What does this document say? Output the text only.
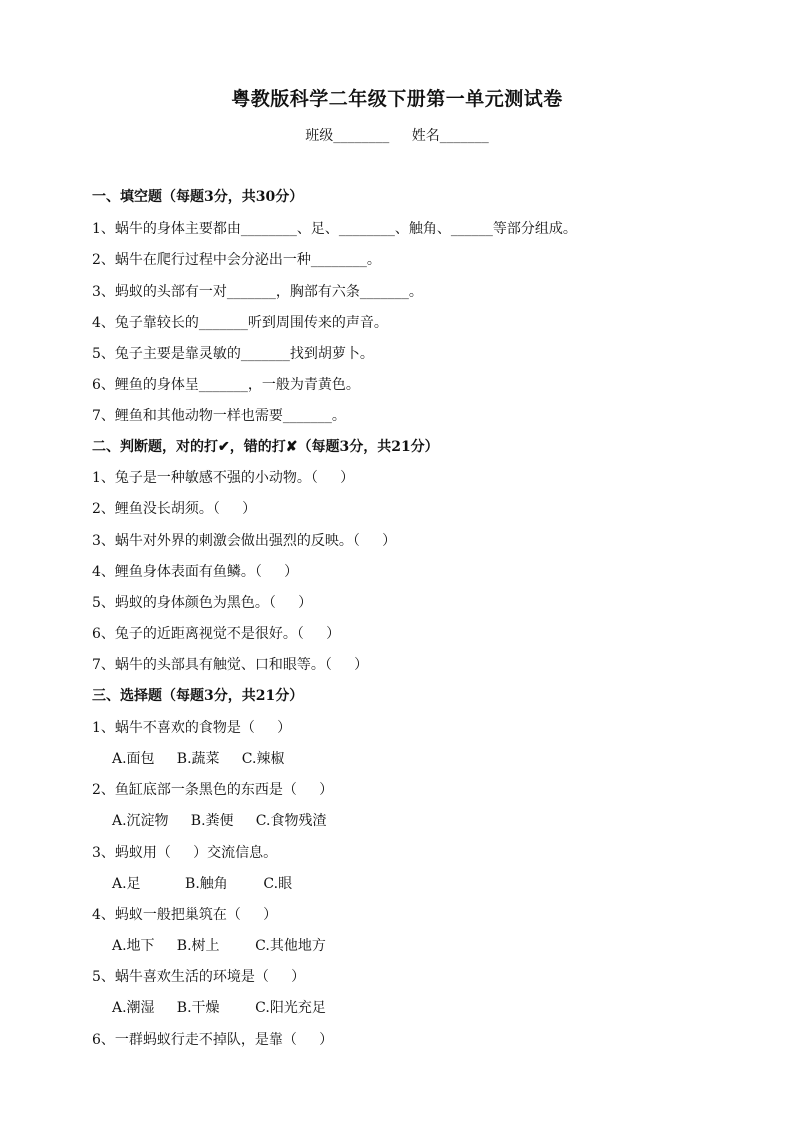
粤教版科学二年级下册第一单元测试卷
班级________ 姓名_______
一、填空题（每题3分，共30分）
1、蜗牛的身体主要都由________、足、________、触角、______等部分组成。
2、蜗牛在爬行过程中会分泌出一种________。
3、蚂蚁的头部有一对_______，胸部有六条_______。
4、兔子靠较长的_______听到周围传来的声音。
5、兔子主要是靠灵敏的_______找到胡萝卜。
6、鲤鱼的身体呈_______，一般为青黄色。
7、鲤鱼和其他动物一样也需要_______。
二、判断题，对的打✔，错的打✘（每题3分，共21分）
1、兔子是一种敏感不强的小动物。（     ）
2、鲤鱼没长胡须。（     ）
3、蜗牛对外界的刺激会做出强烈的反映。（     ）
4、鲤鱼身体表面有鱼鳞。（     ）
5、蚂蚁的身体颜色为黑色。（     ）
6、兔子的近距离视觉不是很好。（     ）
7、蜗牛的头部具有触觉、口和眼等。（     ）
三、选择题（每题3分，共21分）
1、蜗牛不喜欢的食物是（     ）
A.面包     B.蔬菜     C.辣椒
2、鱼缸底部一条黑色的东西是（     ）
A.沉淀物     B.粪便     C.食物残渣
3、蚂蚁用（     ）交流信息。
A.足          B.触角        C.眼
4、蚂蚁一般把巢筑在（     ）
A.地下     B.树上        C.其他地方
5、蜗牛喜欢生活的环境是（     ）
A.潮湿     B.干燥        C.阳光充足
6、一群蚂蚁行走不掉队，是靠（     ）
